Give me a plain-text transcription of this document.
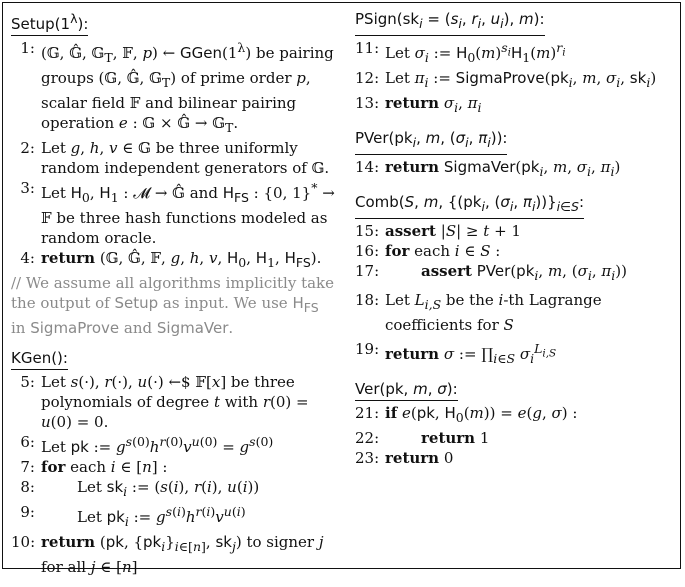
$Setup(1^\lambda)$:
1: (𝔾, 𝔾̂, 𝔾$_T$, 𝔽, p) ← $GGen(1^\lambda)$ be pairing groups (𝔾, 𝔾̂, 𝔾$_T$) of prime order p, scalar field 𝔽 and bilinear pairing operation e : 𝔾 × 𝔾̂ → 𝔾$_T$.
2: Let g, h, v ∈ 𝔾 be three uniformly random independent generators of 𝔾.
3: Let $H_0$, $H_1$ : 𝓜 → 𝔾̂ and $H_{FS}$ : {0, 1}* → 𝔽 be three hash functions modeled as random oracle.
4: return (𝔾, 𝔾̂, 𝔽, g, h, v, $H_0$, $H_1$, $H_{FS}$).
// We assume all algorithms implicitly take the output of Setup as input. We use $H_{FS}$ in SigmaProve and SigmaVer.
KGen():
5: Let s(·), r(·), u(·) ←$ 𝔽[x] be three polynomials of degree t with r(0) = u(0) = 0.
6: Let pk := $g^{s(0)}h^{r(0)}v^{u(0)} = g^{s(0)}$
7: for each i ∈ [n] :
8:	Let $sk_i$ := (s(i), r(i), u(i))
9:	Let $pk_i$ := $g^{s(i)}h^{r(i)}v^{u(i)}$
10: return (pk, $\{pk_i\}_{i\in[n]}$, $sk_j$) to signer j for all j ∈ [n]
$PSign(sk_i = (s_i$, $r_i$, $u_i$), m):
11: Let $\sigma_i$ := $H_0(m)^{s_i}H_1(m)^{r_i}$
12: Let $\pi_i$ := $SigmaProve(pk_i$, m, $\sigma_i$, $sk_i$)
13: return $\sigma_i$, $\pi_i$
$PVer(pk_i$, m, ($\sigma_i$, $\pi_i$)):
14: return $SigmaVer(pk_i$, m, $\sigma_i$, $\pi_i$)
Comb(S, m, {($pk_i$, ($\sigma_i$, $\pi_i))\}_{i\in S}$:
15: assert |S| ≥ t + 1
16: for each i ∈ S :
17:	assert $PVer(pk_i$, m, ($\sigma_i$, $\pi_i$))
18: Let $L_{i,S}$ be the i-th Lagrange coefficients for S
19: return σ := $\prod_{i\in S}$ $\sigma_i^{L_{i,S}}$
Ver(pk, m, σ):
21: if e(pk, $H_0(m)) = e(g$, σ) :
22:	return 1
23: return 0
